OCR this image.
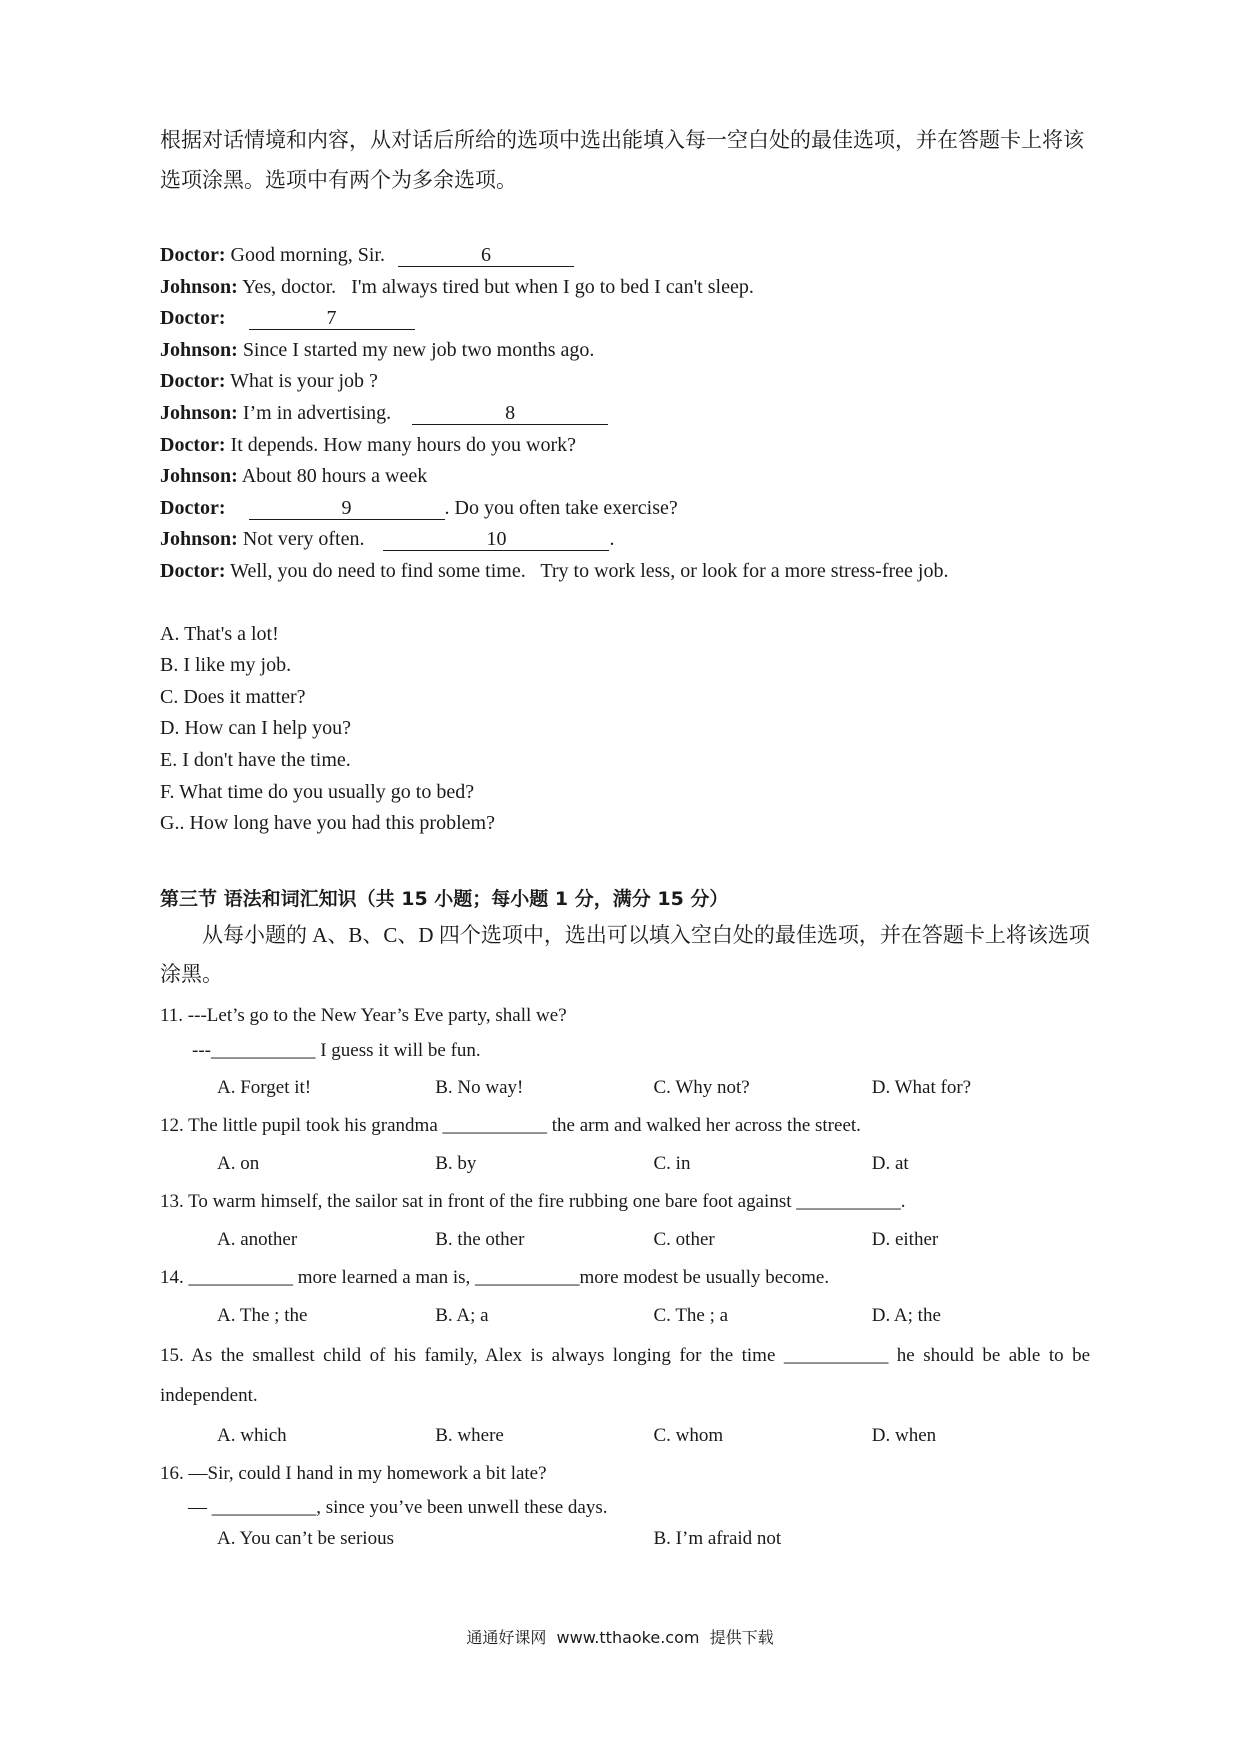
根据对话情境和内容，从对话后所给的选项中选出能填入每一空白处的最佳选项，并在答题卡上将该选项涂黑。选项中有两个为多余选项。

Doctor: Good morning, Sir.	6
Johnson: Yes, doctor.   I'm always tired but when I go to bed I can't sleep.
Doctor:	7
Johnson: Since I started my new job two months ago.
Doctor: What is your job ?
Johnson: I’m in advertising.	8
Doctor: It depends. How many hours do you work?
Johnson: About 80 hours a week
Doctor:	9	. Do you often take exercise?
Johnson: Not very often.	10	.
Doctor: Well, you do need to find some time.   Try to work less, or look for a more stress-free job.
A. That's a lot!
B. I like my job.
C. Does it matter?
D. How can I help you?
E. I don't have the time.
F. What time do you usually go to bed?
G.. How long have you had this problem?
第三节 语法和词汇知识（共 15 小题；每小题 1 分，满分 15 分）

从每小题的 A、B、C、D 四个选项中，选出可以填入空白处的最佳选项，并在答题卡上将该选项涂黑。

11. ---Let’s go to the New Year’s Eve party, shall we?
---___________ I guess it will be fun.
A. Forget it!	B. No way!	C. Why not?	D. What for?
12. The little pupil took his grandma ___________ the arm and walked her across the street.
A. on	B. by	C. in	D. at
13. To warm himself, the sailor sat in front of the fire rubbing one bare foot against ___________.
A. another	B. the other	C. other	D. either
14. ___________ more learned a man is, ___________more modest be usually become.
A. The ; the	B. A; a	C. The ; a	D. A; the
15. As the smallest child of his family, Alex is always longing for the time ___________ he should be able to be independent.
A. which	B. where	C. whom	D. when
16. —Sir, could I hand in my homework a bit late?
— ___________, since you’ve been unwell these days.
A. You can’t be serious	B. I’m afraid not
通通好课网  www.tthaoke.com  提供下载
